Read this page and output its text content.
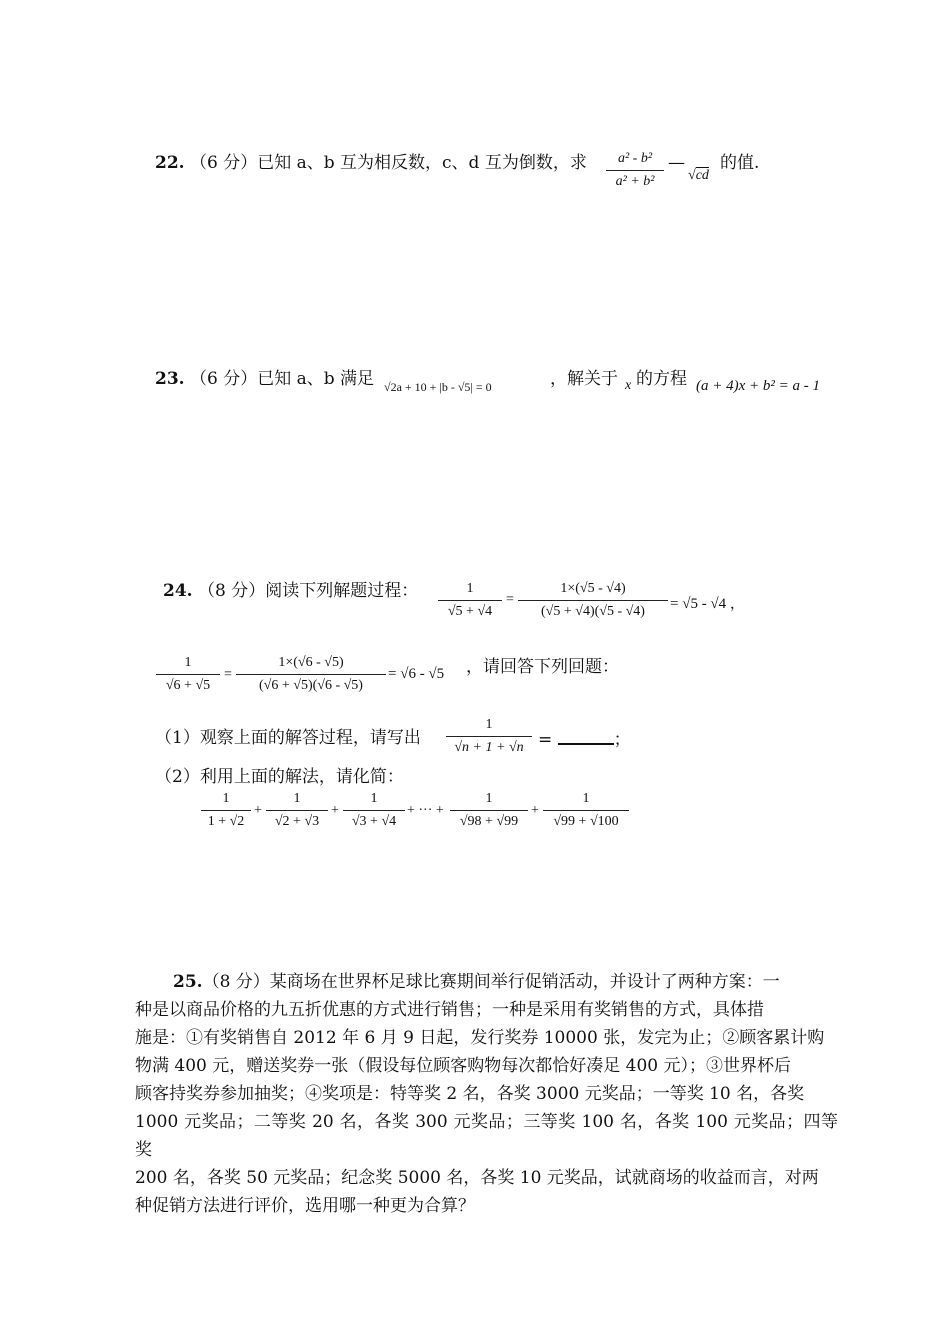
22. （6 分）已知 a、b 互为相反数，c、d 互为倒数，求	a² - b²
a² + b²
—
√cd
的值.
23. （6 分）已知 a、b 满足 √2a + 10 + |b - √5| = 0	，解关于 x 的方程 (a + 4)x + b² = a - 1
24. （8 分）阅读下列解题过程：	1
√5 + √4
=
1×(√5 - √4)
(√5 + √4)(√5 - √4)	= √5 - √4 ，
1
√6 + √5
=
1×(√6 - √5)
(√6 + √5)(√6 - √5)
= √6 - √5 ，请回答下列回题：
（1）观察上面的解答过程，请写出
1
√n + 1 + √n =	；
（2）利用上面的解法，请化简：
1
1 + √2
+
1
√2 + √3
+
1
√3 + √4
+ ··· +
1
√98 + √99
+
1
√99 + √100
25.（8 分）某商场在世界杯足球比赛期间举行促销活动，并设计了两种方案：一
种是以商品价格的九五折优惠的方式进行销售；一种是采用有奖销售的方式，具体措
施是：①有奖销售自 2012 年 6 月 9 日起，发行奖券 10000 张，发完为止；②顾客累计购
物满 400 元，赠送奖券一张（假设每位顾客购物每次都恰好凑足 400 元）；③世界杯后
顾客持奖券参加抽奖；④奖项是：特等奖 2 名，各奖 3000 元奖品；一等奖 10 名，各奖
1000 元奖品；二等奖 20 名，各奖 300 元奖品；三等奖 100 名，各奖 100 元奖品；四等奖
200 名，各奖 50 元奖品；纪念奖 5000 名，各奖 10 元奖品，试就商场的收益而言，对两
种促销方法进行评价，选用哪一种更为合算？
